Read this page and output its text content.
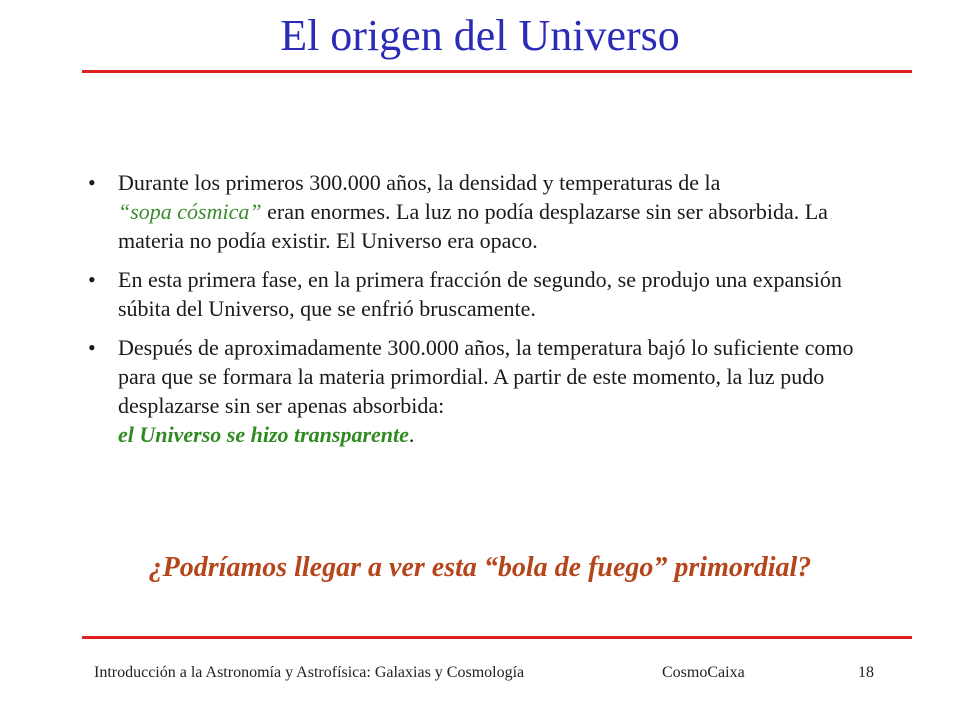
El origen del Universo
• Durante los primeros 300.000 años, la densidad y temperaturas de la
“sopa cósmica” eran enormes. La luz no podía desplazarse sin ser absorbida. La materia no podía existir. El Universo era opaco.
• En esta primera fase, en la primera fracción de segundo, se produjo una expansión súbita del Universo, que se enfrió bruscamente.
• Después de aproximadamente 300.000 años, la temperatura bajó lo suficiente como para que se formara la materia primordial. A partir de este momento, la luz pudo desplazarse sin ser apenas absorbida:
el Universo se hizo transparente.
¿Podríamos llegar a ver esta “bola de fuego” primordial?
Introducción a la Astronomía y Astrofísica: Galaxias y Cosmología	CosmoCaixa	18
